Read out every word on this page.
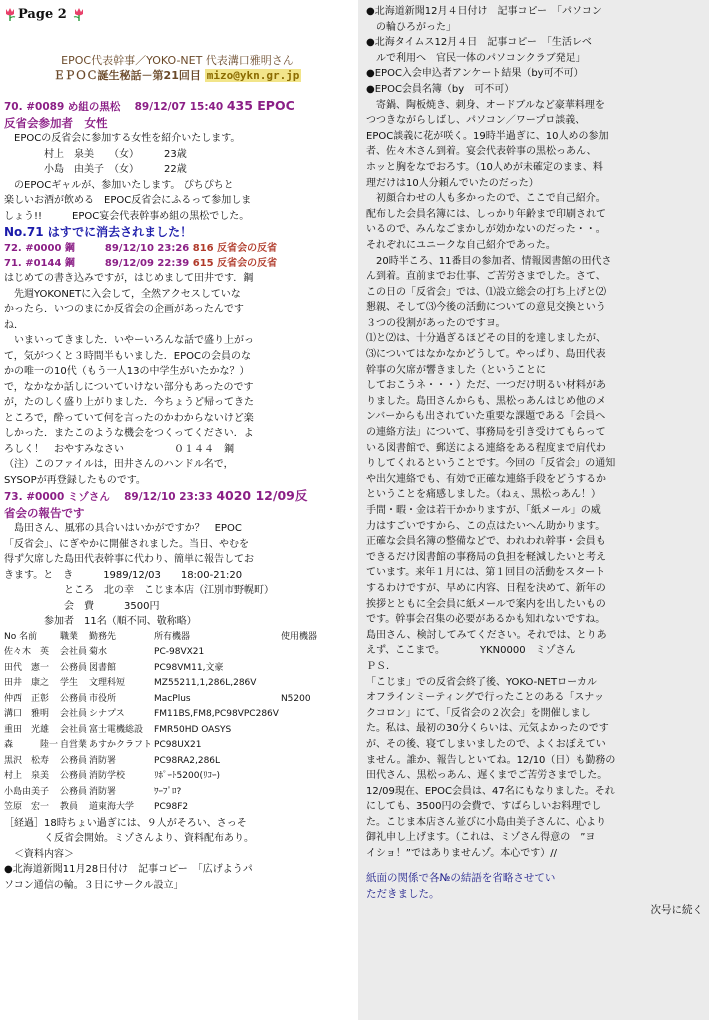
Page 2
EPOC代表幹事／YOKO-NET 代表溝口雅明さん
ＥＰＯＣ誕生秘話－第21回目 mizo@ykn.gr.jp
70. #0089 め組の黒松　 89/12/07 15:40 435 EPOC
反省会参加者　女性

　EPOCの反省会に参加する女性を紹介いたします。

　　　　村上　泉美　　（女）　　　23歳

　　　　小島　由美子　（女）　　　22歳

　のEPOCギャルが、参加いたします。 ぴちぴちと

楽しいお酒が飲める　EPOC反省会にふるって参加しま

しょう!!　　　EPOC宴会代表幹事め組の黒松でした。

No.71 はすでに消去されました！
72. #0000 鋼　　　89/12/10 23:26 816 反省会の反省
71. #0144 鋼　　　89/12/09 22:39 615 反省会の反省

はじめての書き込みですが，はじめまして田井です．鋼

　先週YOKONETに入会して，全然アクセスしていな

かったら．いつのまにか反省会の企画があったんです

ね．

　いまいってきました．いやーいろんな話で盛り上がっ

て，気がつくと３時間半もいました．EPOCの会員のな

かの唯一の10代（もう一人13の中学生がいたかな？）

で，なかなか話しについていけない部分もあったのです

が，たのしく盛り上がりました．今ちょうど帰ってきた

ところで，酔っていて何を言ったのかわからないけど楽

しかった．またこのような機会をつくってください．よ

ろしく！　おやすみなさい　　　　　０１４４　鋼

（注）このファイルは，田井さんのハンドル名で，

SYSOPが再登録したものです。

73. #0000 ミゾさん　 89/12/10 23:33 4020 12/09反
省会の報告です

　島田さん、風邪の具合いはいかがですか？　EPOC

「反省会」、にぎやかに開催されました。当日、やむを

得ず欠席した島田代表幹事に代わり、簡単に報告してお

きます。と　き　　　1989/12/03　　18:00-21:20

　　　　　　ところ　北の幸　こじま本店（江別市野幌町）

　　　　　　会　費　　　3500円

　　　　参加者　11名（順不同、敬称略）

No 名前	職業	勤務先	所有機器	使用機器
佐々木　英	会社員	菊水	PC-98VX21	
田代　憲一	公務員	図書館	PC98VM11,文豪	
田井　康之	学生	文理科短	MZ55211,1,286L,286V	
仲西　正彰	公務員	市役所	MacPlus	N5200
溝口　雅明	会社員	シナプス	FM11BS,FM8,PC98VPC286V	
重田　光雄	会社員	富士電機総設	FMR50HD OASYS	
森　　　陸一	自営業	あすかクラフト	PC98UX21	
黒沢　松寿	公務員	消防署	PC98RA2,286L	
村上　泉美	公務員	消防学校	ﾘﾎﾟｰﾄ5200(ﾘｺｰ)	
小島由美子	公務員	消防署	ﾜｰﾌﾟﾛ?	
笠原　宏一	教員	道東海大学	PC98F2	

［経過］18時ちょい過ぎには、９人がそろい、さっそ

　　　　く反省会開始。ミゾさんより、資料配布あり。

　＜資料内容＞

●北海道新聞11月28日付け　記事コピー　「広げようパ

ソコン通信の輪。３日にサークル設立」

●北海道新聞12月４日付け　記事コピー　「パソコン

　の輪ひろがった」

●北海タイムス12月４日　記事コピー　「生活レベ

　ルで利用へ　官民一体のパソコンクラブ発足」

●EPOC入会申込者アンケート結果（by可不可）

●EPOC会員名簿（by　可不可）

　寄鍋、陶板焼き、刺身、オードブルなど豪華料理を

つつきながらしばし、パソコン／ワープロ談義、

EPOC談義に花が咲く。19時半過ぎに、10人めの参加

者、佐々木さん到着。宴会代表幹事の黒松っあん、

ホッと胸をなでおろす。（10人めが未確定のまま、料

理だけは10人分頼んでいたのだった）

　初顔合わせの人も多かったので、ここで自己紹介。

配布した会員名簿には、しっかり年齢まで印刷されて

いるので、みんなごまかしが効かないのだった・・。

それぞれにユニークな自己紹介であった。

　20時半ころ、11番目の参加者、情報図書館の田代さ

ん到着。直前までお仕事、ご苦労さまでした。さて、

この日の「反省会」では、⑴設立総会の打ち上げと⑵

懇親、そして⑶今後の活動についての意見交換という

３つの役割があったのですヨ。

⑴と⑵は、十分過ぎるほどその目的を達しましたが、

⑶についてはなかなかどうして。やっぱり、島田代表

幹事の欠席が響きました（ということに

しておこうネ・・・）ただ、一つだけ明るい材料があ

りました。島田さんからも、黒松っあんはじめ他のメ

ンバーからも出されていた重要な課題である「会員へ

の連絡方法」について、事務局を引き受けてもらって

いる図書館で、郵送による連絡をある程度まで肩代わ

りしてくれるということです。今回の「反省会」の通知

や出欠連絡でも、有効で正確な連絡手段をどうするか

ということを痛感しました。（ねぇ、黒松っあん！）

手間・暇・金は若干かかりますが、「紙メール」の威

力はすごいですから、この点はたいへん助かります。

正確な会員名簿の整備などで、われわれ幹事・会員も

できるだけ図書館の事務局の負担を軽減したいと考え

ています。来年１月には、第１回目の活動をスタート

するわけですが、早めに内容、日程を決めて、新年の

挨拶とともに全会員に紙メールで案内を出したいもの

です。幹事会召集の必要があるかも知れないですね。

島田さん、検討してみてください。それでは、とりあ

えず、ここまで。　　　　YKN0000　ミゾさん

ＰＳ．

「こじま」での反省会終了後、YOKO-NETローカル

オフラインミーティングで行ったことのある「スナッ

クコロン」にて、「反省会の２次会」を開催しまし

た。私は、最初の30分くらいは、元気よかったのです

が、その後、寝てしまいましたので、よくおぼえてい

ません。誰か、報告しといてね。12/10（日）も勤務の

田代さん、黒松っあん、遅くまでご苦労さまでした。

12/09現在、EPOC会員は、47名にもなりました。それ

にしても、3500円の会費で、すばらしいお料理でし

た。こじま本店さん並びに小島由美子さんに、心より

御礼申し上げます。（これは、ミゾさん得意の　”ヨ

イショ！”ではありませんゾ。本心です）//

紙面の関係で各№の結語を省略させてい
ただきました。
次号に続く
